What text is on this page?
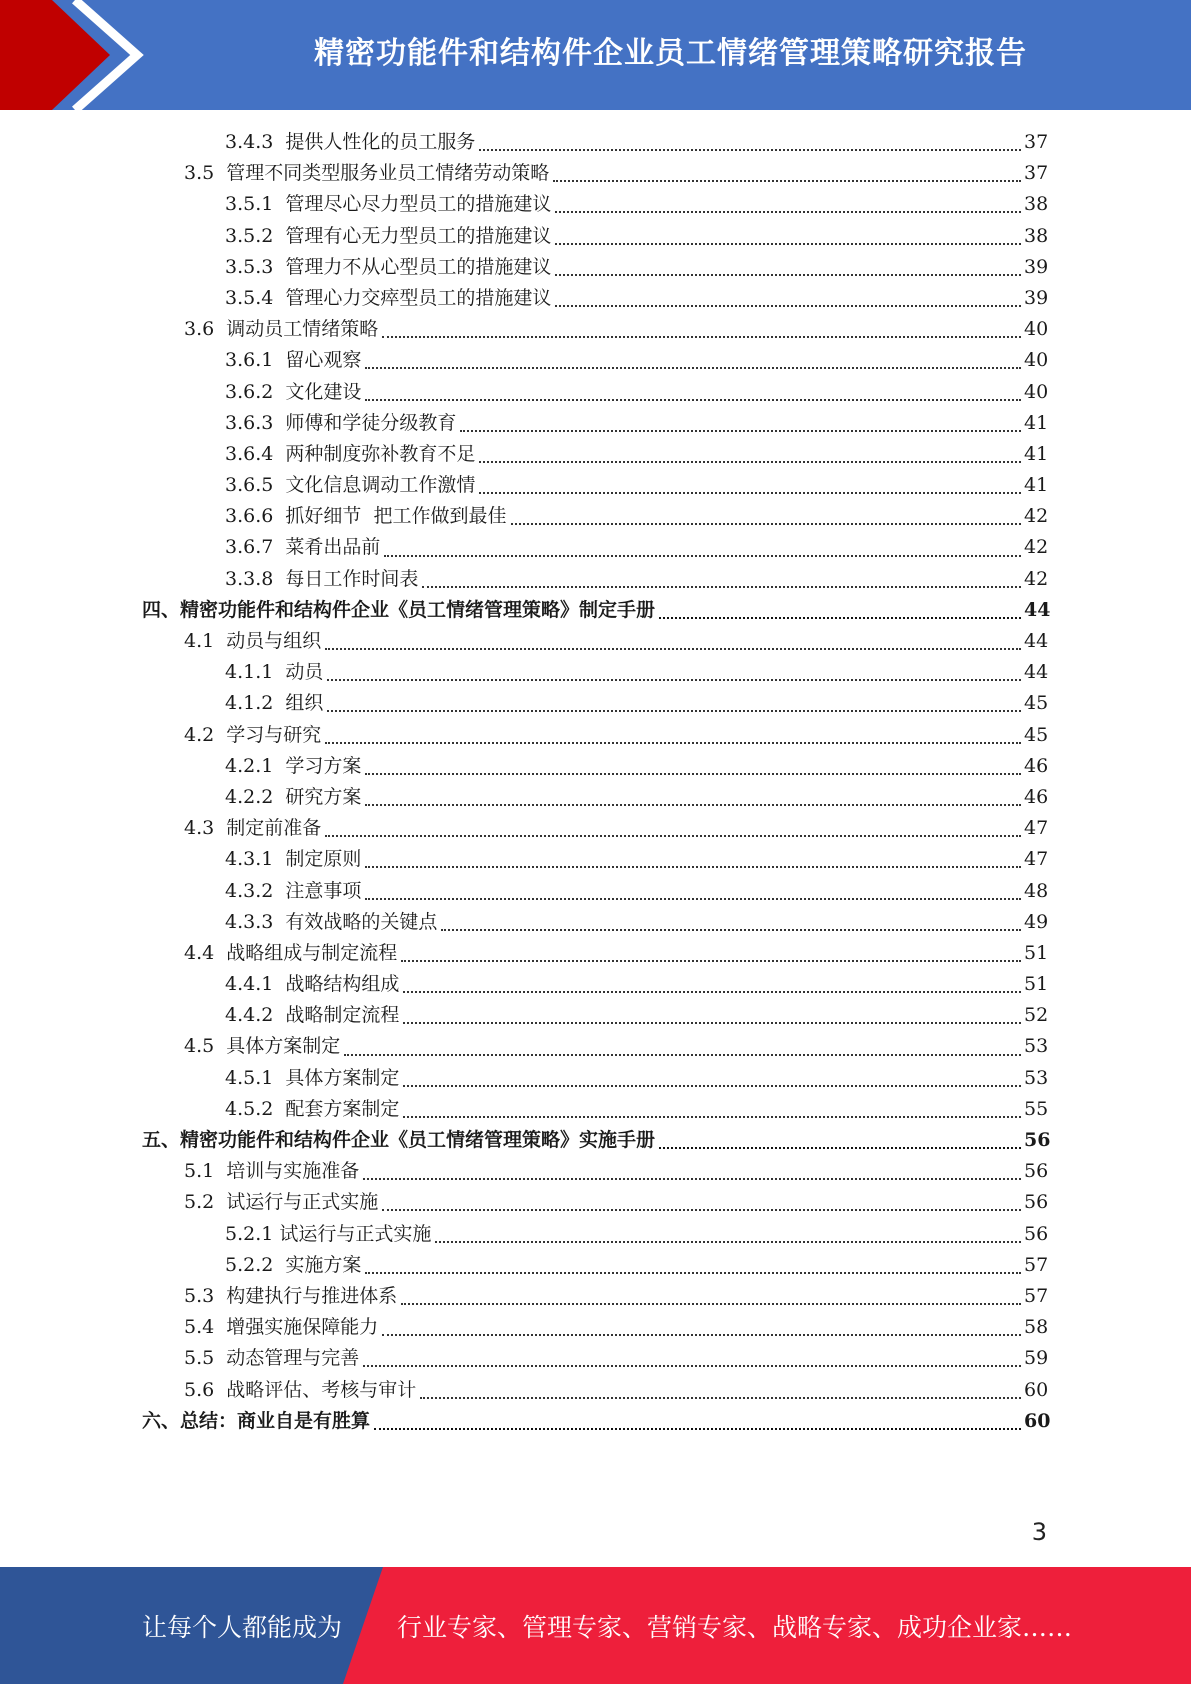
精密功能件和结构件企业员工情绪管理策略研究报告
3.4.3  提供人性化的员工服务	37
3.5  管理不同类型服务业员工情绪劳动策略	37
3.5.1  管理尽心尽力型员工的措施建议	38
3.5.2  管理有心无力型员工的措施建议	38
3.5.3  管理力不从心型员工的措施建议	39
3.5.4  管理心力交瘁型员工的措施建议	39
3.6  调动员工情绪策略	40
3.6.1  留心观察	40
3.6.2  文化建设	40
3.6.3  师傅和学徒分级教育	41
3.6.4  两种制度弥补教育不足	41
3.6.5  文化信息调动工作激情	41
3.6.6  抓好细节  把工作做到最佳	42
3.6.7  菜肴出品前	42
3.3.8  每日工作时间表	42
四、精密功能件和结构件企业《员工情绪管理策略》制定手册	44
4.1  动员与组织	44
4.1.1  动员	44
4.1.2  组织	45
4.2  学习与研究	45
4.2.1  学习方案	46
4.2.2  研究方案	46
4.3  制定前准备	47
4.3.1  制定原则	47
4.3.2  注意事项	48
4.3.3  有效战略的关键点	49
4.4  战略组成与制定流程	51
4.4.1  战略结构组成	51
4.4.2  战略制定流程	52
4.5  具体方案制定	53
4.5.1  具体方案制定	53
4.5.2  配套方案制定	55
五、精密功能件和结构件企业《员工情绪管理策略》实施手册	56
5.1  培训与实施准备	56
5.2  试运行与正式实施	56
5.2.1 试运行与正式实施	56
5.2.2  实施方案	57
5.3  构建执行与推进体系	57
5.4  增强实施保障能力	58
5.5  动态管理与完善	59
5.6  战略评估、考核与审计	60
六、总结：商业自是有胜算	60
3
让每个人都能成为 行业专家、管理专家、营销专家、战略专家、成功企业家……
